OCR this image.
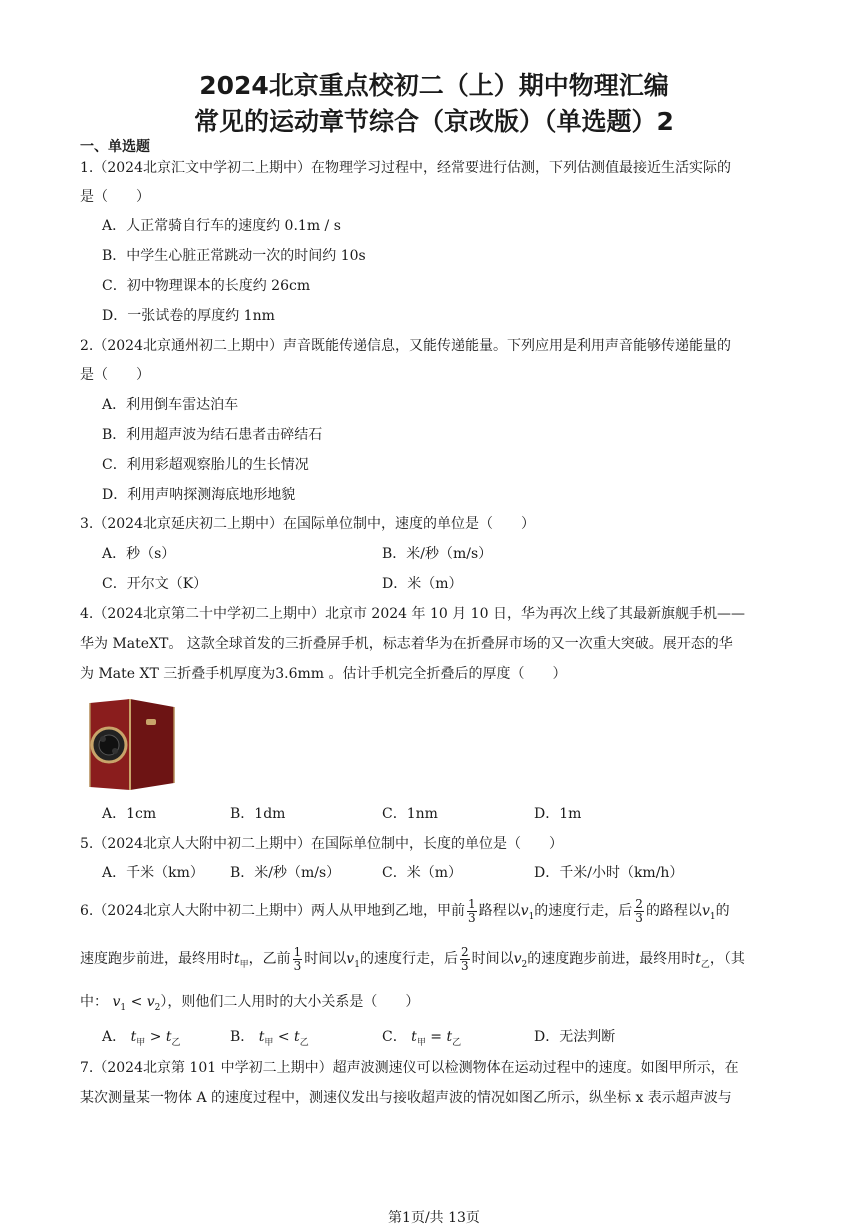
2024北京重点校初二（上）期中物理汇编
常见的运动章节综合（京改版）（单选题）2
一、单选题
1.（2024北京汇文中学初二上期中）在物理学习过程中，经常要进行估测，下列估测值最接近生活实际的
是（　　）
A．人正常骑自行车的速度约 0.1m / s
B．中学生心脏正常跳动一次的时间约 10s
C．初中物理课本的长度约 26cm
D．一张试卷的厚度约 1nm
2.（2024北京通州初二上期中）声音既能传递信息，又能传递能量。下列应用是利用声音能够传递能量的
是（　　）
A．利用倒车雷达泊车
B．利用超声波为结石患者击碎结石
C．利用彩超观察胎儿的生长情况
D．利用声呐探测海底地形地貌
3.（2024北京延庆初二上期中）在国际单位制中，速度的单位是（　　）
A．秒（s）	B．米/秒（m/s）
C．开尔文（K）	D．米（m）
4.（2024北京第二十中学初二上期中）北京市 2024 年 10 月 10 日，华为再次上线了其最新旗舰手机——
华为 MateXT。 这款全球首发的三折叠屏手机，标志着华为在折叠屏市场的又一次重大突破。展开态的华
为 Mate XT 三折叠手机厚度为3.6mm 。估计手机完全折叠后的厚度（　　）
A．1cm	B．1dm	C．1nm	D．1m
5.（2024北京人大附中初二上期中）在国际单位制中，长度的单位是（　　）
A．千米（km） B．米/秒（m/s）	C．米（m）	D．千米/小时（km/h）
6.（2024北京人大附中初二上期中）两人从甲地到乙地，甲前 $\frac{1}{3}$ 路程以$v_1$的速度行走，后 $\frac{2}{3}$ 的路程以$v_1$的
速度跑步前进，最终用时$t_甲$，乙前 $\frac{1}{3}$ 时间以$v_1$的速度行走，后 $\frac{2}{3}$ 时间以$v_2$的速度跑步前进，最终用时$t_乙$，（其
中： $v_1 < v_2$），则他们二人用时的大小关系是（　　）
A． $t_甲 > t_乙$	B． $t_甲 < t_乙$	C． $t_甲 = t_乙$	D．无法判断
7.（2024北京第 101 中学初二上期中）超声波测速仪可以检测物体在运动过程中的速度。如图甲所示，在
某次测量某一物体 A 的速度过程中，测速仪发出与接收超声波的情况如图乙所示，纵坐标 x 表示超声波与
第1页/共 13页
